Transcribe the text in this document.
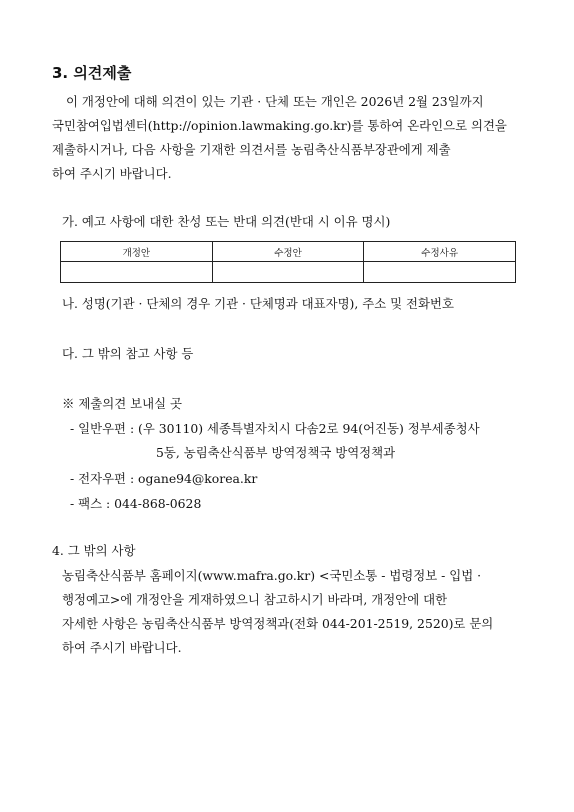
3. 의견제출
이 개정안에 대해 의견이 있는 기관 · 단체 또는 개인은 2026년 2월 23일까지
국민참여입법센터(http://opinion.lawmaking.go.kr)를 통하여 온라인으로 의견을
제출하시거나, 다음 사항을 기재한 의견서를 농림축산식품부장관에게 제출
하여 주시기 바랍니다.
가. 예고 사항에 대한 찬성 또는 반대 의견(반대 시 이유 명시)
개정안	수정안	수정사유

나. 성명(기관 · 단체의 경우 기관 · 단체명과 대표자명), 주소 및 전화번호
다. 그 밖의 참고 사항 등
※ 제출의견 보내실 곳
- 일반우편 : (우 30110) 세종특별자치시 다솜2로 94(어진동) 정부세종청사
5동, 농림축산식품부 방역정책국 방역정책과
- 전자우편 : ogane94@korea.kr
- 팩스 : 044-868-0628
4. 그 밖의 사항
농림축산식품부 홈페이지(www.mafra.go.kr) <국민소통 - 법령정보 - 입법 ·
행정예고>에 개정안을 게재하였으니 참고하시기 바라며, 개정안에 대한
자세한 사항은 농림축산식품부 방역정책과(전화 044-201-2519, 2520)로 문의
하여 주시기 바랍니다.
